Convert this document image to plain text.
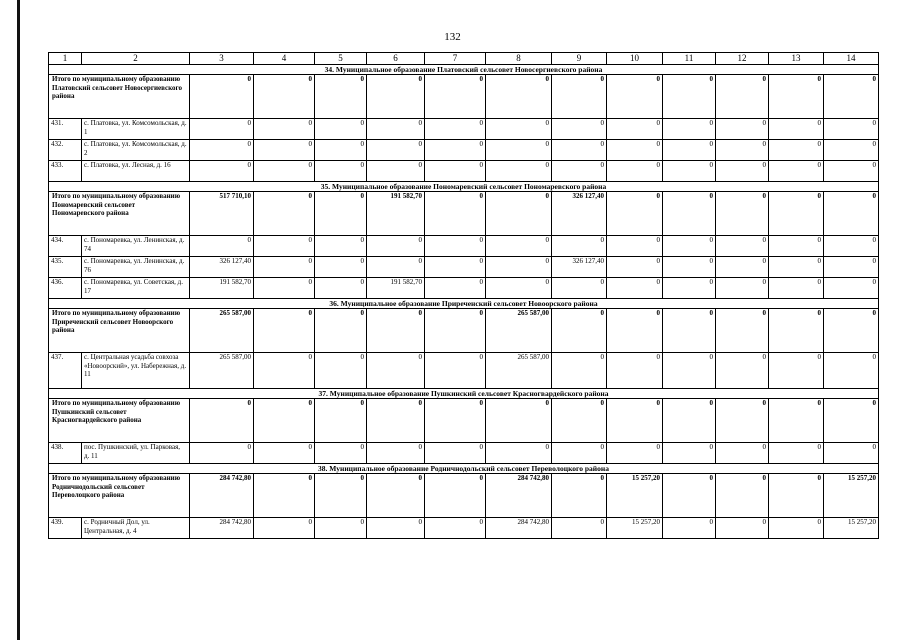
132
1	2	3	4	5	6	7	8	9	10	11	12	13	14
34. Муниципальное образование Платовский сельсовет Новосергиевского района													
Итого по муниципальному образованию Платовский сельсовет Новосергиевского района		0	0	0	0	0	0	0	0	0	0	0	0
431.	с. Платовка, ул. Комсомольская, д. 1	0	0	0	0	0	0	0	0	0	0	0	0
432.	с. Платовка, ул. Комсомольская, д. 2	0	0	0	0	0	0	0	0	0	0	0	0
433.	с. Платовка, ул. Лесная, д. 16	0	0	0	0	0	0	0	0	0	0	0	0
35. Муниципальное образование Пономаревский сельсовет Пономаревского района													
Итого по муниципальному образованию Пономаревский сельсовет Пономаревского района		517 710,10	0	0	191 582,70	0	0	326 127,40	0	0	0	0	0
434.	с. Пономаревка, ул. Ленинская, д. 74	0	0	0	0	0	0	0	0	0	0	0	0
435.	с. Пономаревка, ул. Ленинская, д. 76	326 127,40	0	0	0	0	0	326 127,40	0	0	0	0	0
436.	с. Пономаревка, ул. Советская, д. 17	191 582,70	0	0	191 582,70	0	0	0	0	0	0	0	0
36. Муниципальное образование Приреченский сельсовет Новоорского района													
Итого по муниципальному образованию Приреченский сельсовет Новоорского района		265 587,00	0	0	0	0	265 587,00	0	0	0	0	0	0
437.	с. Центральная усадьба совхоза «Новоорский», ул. Набережная, д. 11	265 587,00	0	0	0	0	265 587,00	0	0	0	0	0	0
37. Муниципальное образование Пушкинский сельсовет Красногвардейского района													
Итого по муниципальному образованию Пушкинский сельсовет Красногвардейского района		0	0	0	0	0	0	0	0	0	0	0	0
438.	пос. Пушкинский, ул. Парковая, д. 11	0	0	0	0	0	0	0	0	0	0	0	0
38. Муниципальное образование Родничнодольский сельсовет Переволоцкого района													
Итого по муниципальному образованию Родничнодольский сельсовет Переволоцкого района		284 742,80	0	0	0	0	284 742,80	0	15 257,20	0	0	0	15 257,20
439.	с. Родничный Дол, ул. Центральная, д. 4	284 742,80	0	0	0	0	284 742,80	0	15 257,20	0	0	0	15 257,20
